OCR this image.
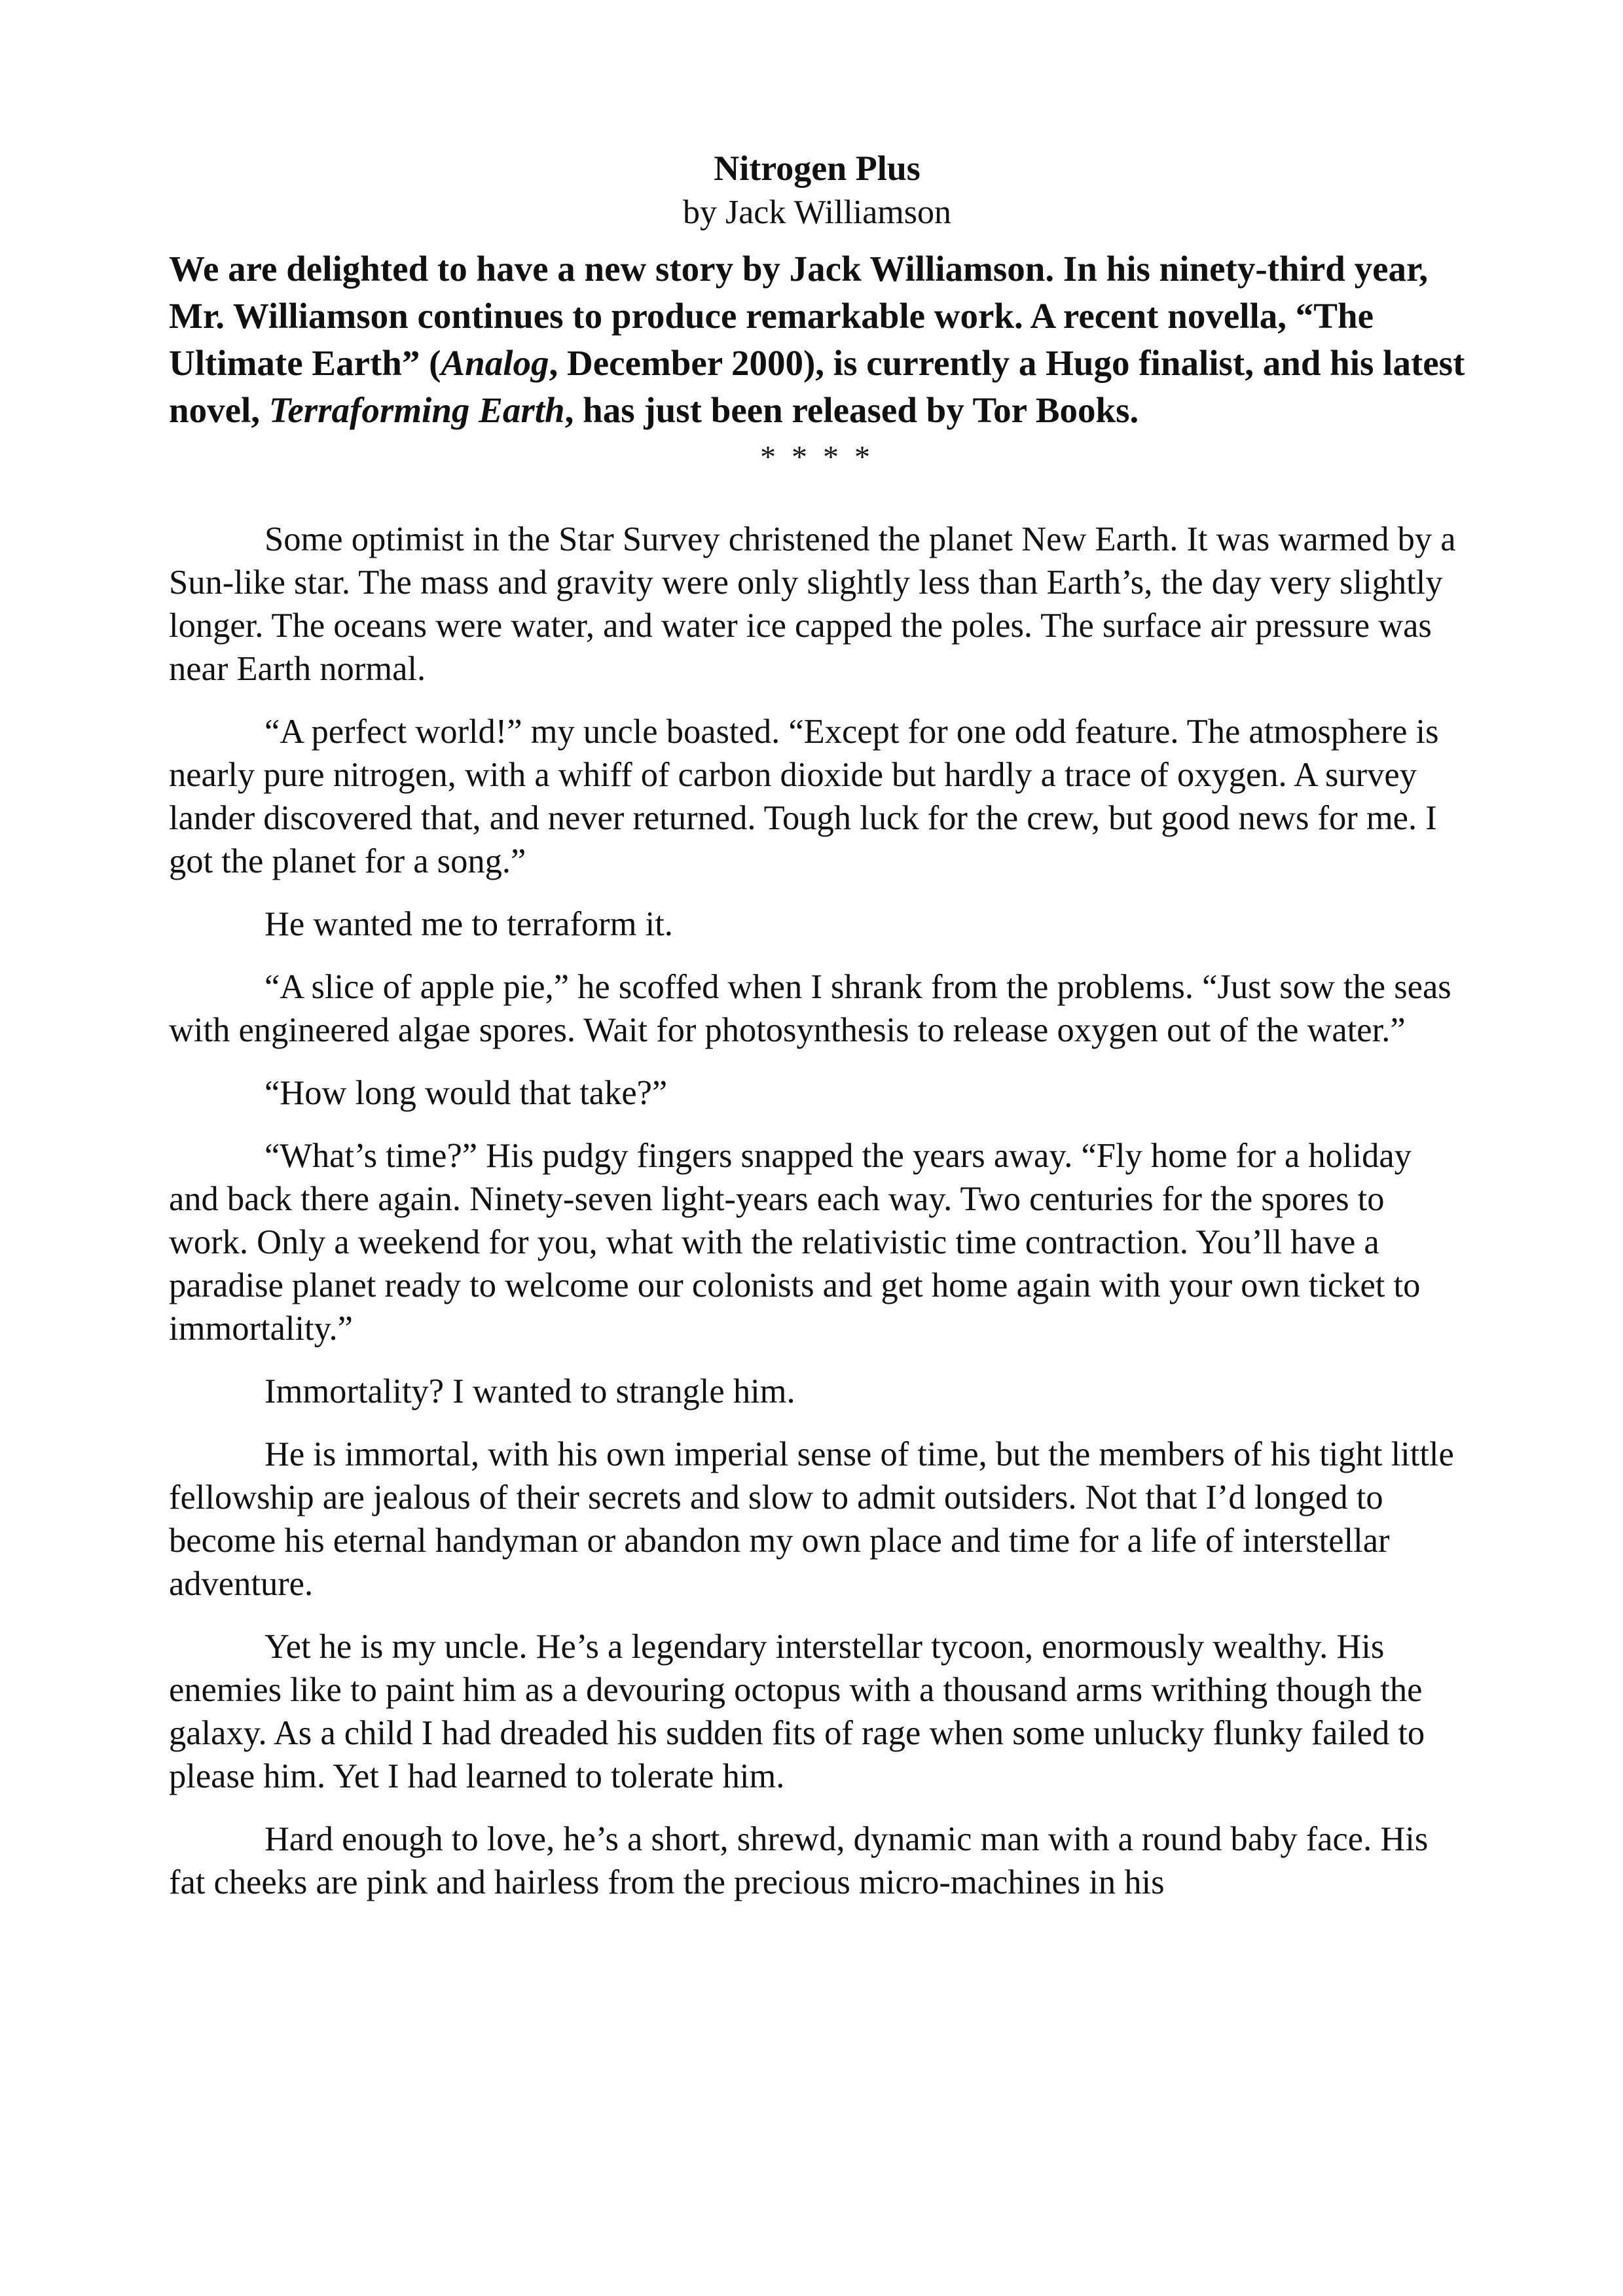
Nitrogen Plus
by Jack Williamson

We are delighted to have a new story by Jack Williamson. In his ninety-third year, Mr. Williamson continues to produce remarkable work. A recent novella, “The Ultimate Earth” (Analog, December 2000), is currently a Hugo finalist, and his latest novel, Terraforming Earth, has just been released by Tor Books.

* * * *

Some optimist in the Star Survey christened the planet New Earth. It was warmed by a Sun-like star. The mass and gravity were only slightly less than Earth’s, the day very slightly longer. The oceans were water, and water ice capped the poles. The surface air pressure was near Earth normal.

“A perfect world!” my uncle boasted. “Except for one odd feature. The atmosphere is nearly pure nitrogen, with a whiff of carbon dioxide but hardly a trace of oxygen. A survey lander discovered that, and never returned. Tough luck for the crew, but good news for me. I got the planet for a song.”

He wanted me to terraform it.

“A slice of apple pie,” he scoffed when I shrank from the problems. “Just sow the seas with engineered algae spores. Wait for photosynthesis to release oxygen out of the water.”

“How long would that take?”

“What’s time?” His pudgy fingers snapped the years away. “Fly home for a holiday and back there again. Ninety-seven light-years each way. Two centuries for the spores to work. Only a weekend for you, what with the relativistic time contraction. You’ll have a paradise planet ready to welcome our colonists and get home again with your own ticket to immortality.”

Immortality? I wanted to strangle him.

He is immortal, with his own imperial sense of time, but the members of his tight little fellowship are jealous of their secrets and slow to admit outsiders. Not that I’d longed to become his eternal handyman or abandon my own place and time for a life of interstellar adventure.

Yet he is my uncle. He’s a legendary interstellar tycoon, enormously wealthy. His enemies like to paint him as a devouring octopus with a thousand arms writhing though the galaxy. As a child I had dreaded his sudden fits of rage when some unlucky flunky failed to please him. Yet I had learned to tolerate him.

Hard enough to love, he’s a short, shrewd, dynamic man with a round baby face. His fat cheeks are pink and hairless from the precious micro-machines in his
